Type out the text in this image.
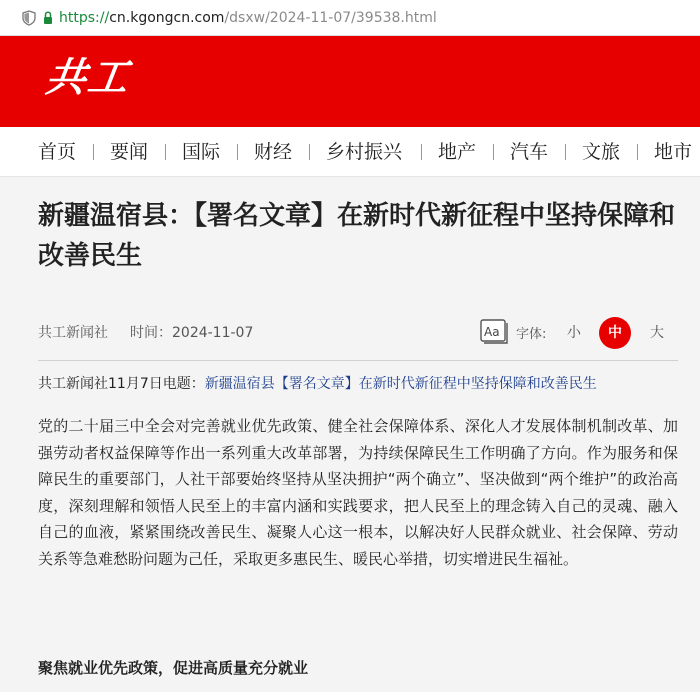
https://cn.kgongcn.com/dsxw/2024-11-07/39538.html
共工
首页 要闻 国际 财经 乡村振兴 地产 汽车 文旅 地市
新疆温宿县：【署名文章】在新时代新征程中坚持保障和改善民生
共工新闻社 时间：2024-11-07	Aa 字体: 小	中	大
共工新闻社11月7日电题：新疆温宿县【署名文章】在新时代新征程中坚持保障和改善民生

党的二十届三中全会对完善就业优先政策、健全社会保障体系、深化人才发展体制机制改革、加强劳动者权益保障等作出一系列重大改革部署，为持续保障民生工作明确了方向。作为服务和保障民生的重要部门，人社干部要始终坚持从坚决拥护“两个确立”、坚决做到“两个维护”的政治高度，深刻理解和领悟人民至上的丰富内涵和实践要求，把人民至上的理念铸入自己的灵魂、融入自己的血液，紧紧围绕改善民生、凝聚人心这一根本，以解决好人民群众就业、社会保障、劳动关系等急难愁盼问题为己任，采取更多惠民生、暖民心举措，切实增进民生福祉。

聚焦就业优先政策，促进高质量充分就业
